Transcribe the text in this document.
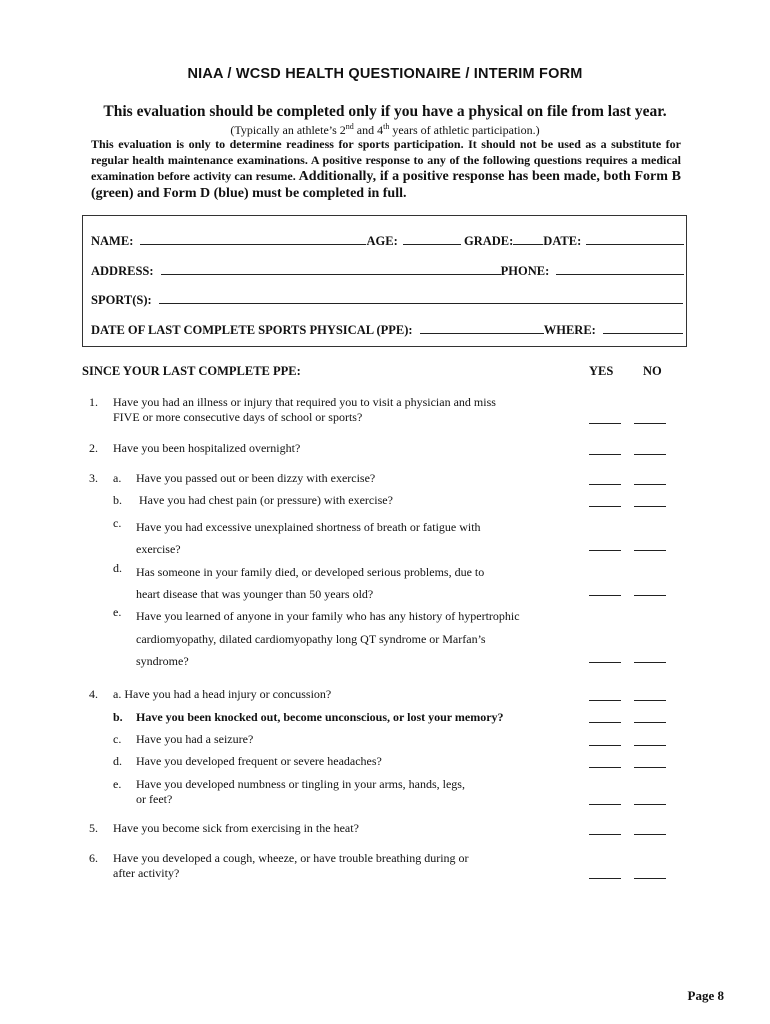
NIAA / WCSD HEALTH QUESTIONAIRE / INTERIM FORM
This evaluation should be completed only if you have a physical on file from last year.
(Typically an athlete’s 2nd and 4th years of athletic participation.)
This evaluation is only to determine readiness for sports participation. It should not be used as a substitute for regular health maintenance examinations. A positive response to any of the following questions requires a medical examination before activity can resume. Additionally, if a positive response has been made, both Form B (green) and Form D (blue) must be completed in full.
NAME:	AGE:	GRADE: DATE:
ADDRESS:	PHONE:
SPORT(S):
DATE OF LAST COMPLETE SPORTS PHYSICAL (PPE):	WHERE:
SINCE YOUR LAST COMPLETE PPE:	YES NO
1. Have you had an illness or injury that required you to visit a physician and miss
FIVE or more consecutive days of school or sports?
2. Have you been hospitalized overnight?
3. a. Have you passed out or been dizzy with exercise?
b. Have you had chest pain (or pressure) with exercise?
c. Have you had excessive unexplained shortness of breath or fatigue with
exercise?
d. Has someone in your family died, or developed serious problems, due to
heart disease that was younger than 50 years old?
e. Have you learned of anyone in your family who has any history of hypertrophic
cardiomyopathy, dilated cardiomyopathy long QT syndrome or Marfan’s
syndrome?
4. a. Have you had a head injury or concussion?
b. Have you been knocked out, become unconscious, or lost your memory?
c. Have you had a seizure?
d. Have you developed frequent or severe headaches?
e. Have you developed numbness or tingling in your arms, hands, legs,
or feet?
5. Have you become sick from exercising in the heat?
6. Have you developed a cough, wheeze, or have trouble breathing during or
after activity?
Page 8
